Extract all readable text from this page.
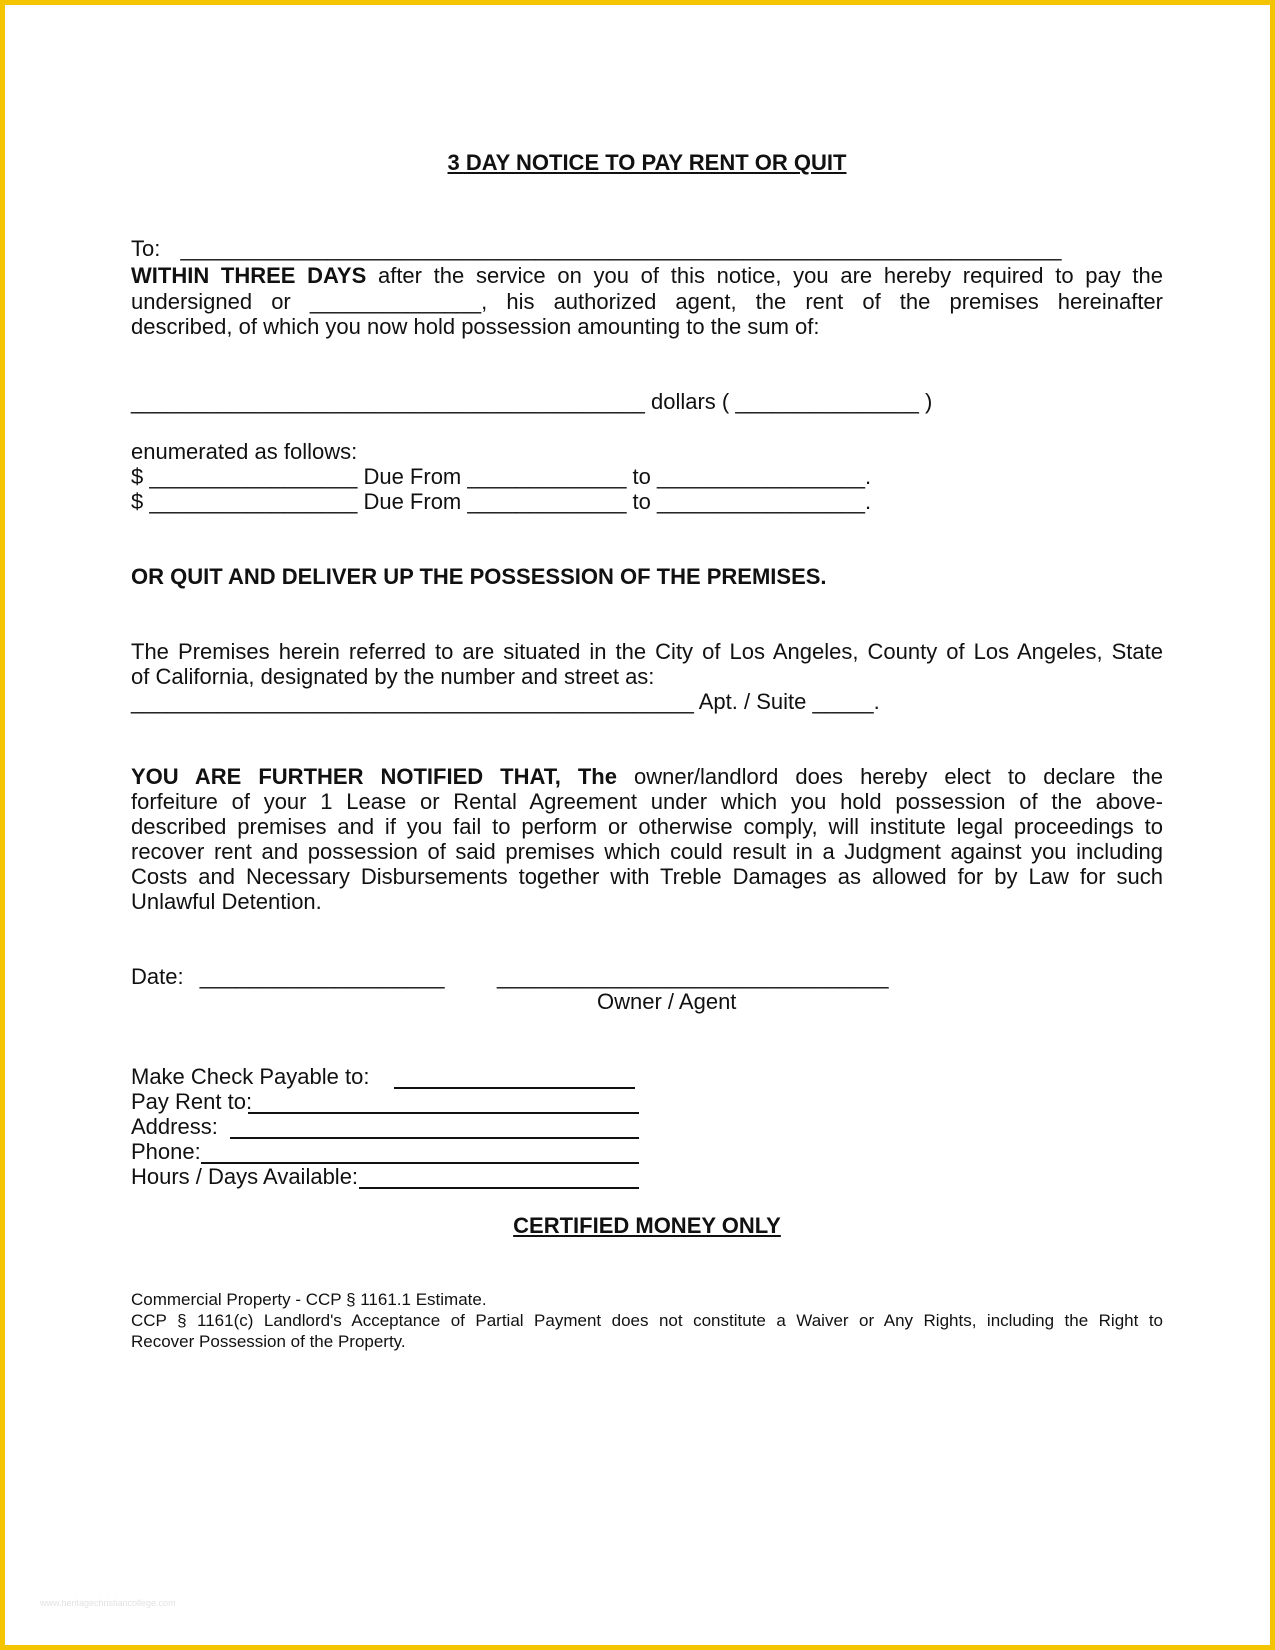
3 DAY NOTICE TO PAY RENT OR QUIT
To: ________________________________________________________________________
WITHIN THREE DAYS after the service on you of this notice, you are hereby required to pay the
undersigned or ______________, his authorized agent, the rent of the premises hereinafter
described, of which you now hold possession amounting to the sum of:
__________________________________________ dollars ( _______________ )
enumerated as follows:
$ _________________ Due From _____________ to _________________.
$ _________________ Due From _____________ to _________________.
OR QUIT AND DELIVER UP THE POSSESSION OF THE PREMISES.
The Premises herein referred to are situated in the City of Los Angeles, County of Los Angeles, State
of California, designated by the number and street as:
______________________________________________ Apt. / Suite _____.
YOU ARE FURTHER NOTIFIED THAT, The owner/landlord does hereby elect to declare the
forfeiture of your 1 Lease or Rental Agreement under which you hold possession of the above-
described premises and if you fail to perform or otherwise comply, will institute legal proceedings to
recover rent and possession of said premises which could result in a Judgment against you including
Costs and Necessary Disbursements together with Treble Damages as allowed for by Law for such
Unlawful Detention.
Date: ____________________ ________________________________
Owner / Agent
Make Check Payable to:
Pay Rent to:
Address:
Phone:
Hours / Days Available:
CERTIFIED MONEY ONLY
Commercial Property - CCP § 1161.1 Estimate.
CCP § 1161(c) Landlord's Acceptance of Partial Payment does not constitute a Waiver or Any Rights, including the Right to
Recover Possession of the Property.
www.heritagechristiancollege.com
